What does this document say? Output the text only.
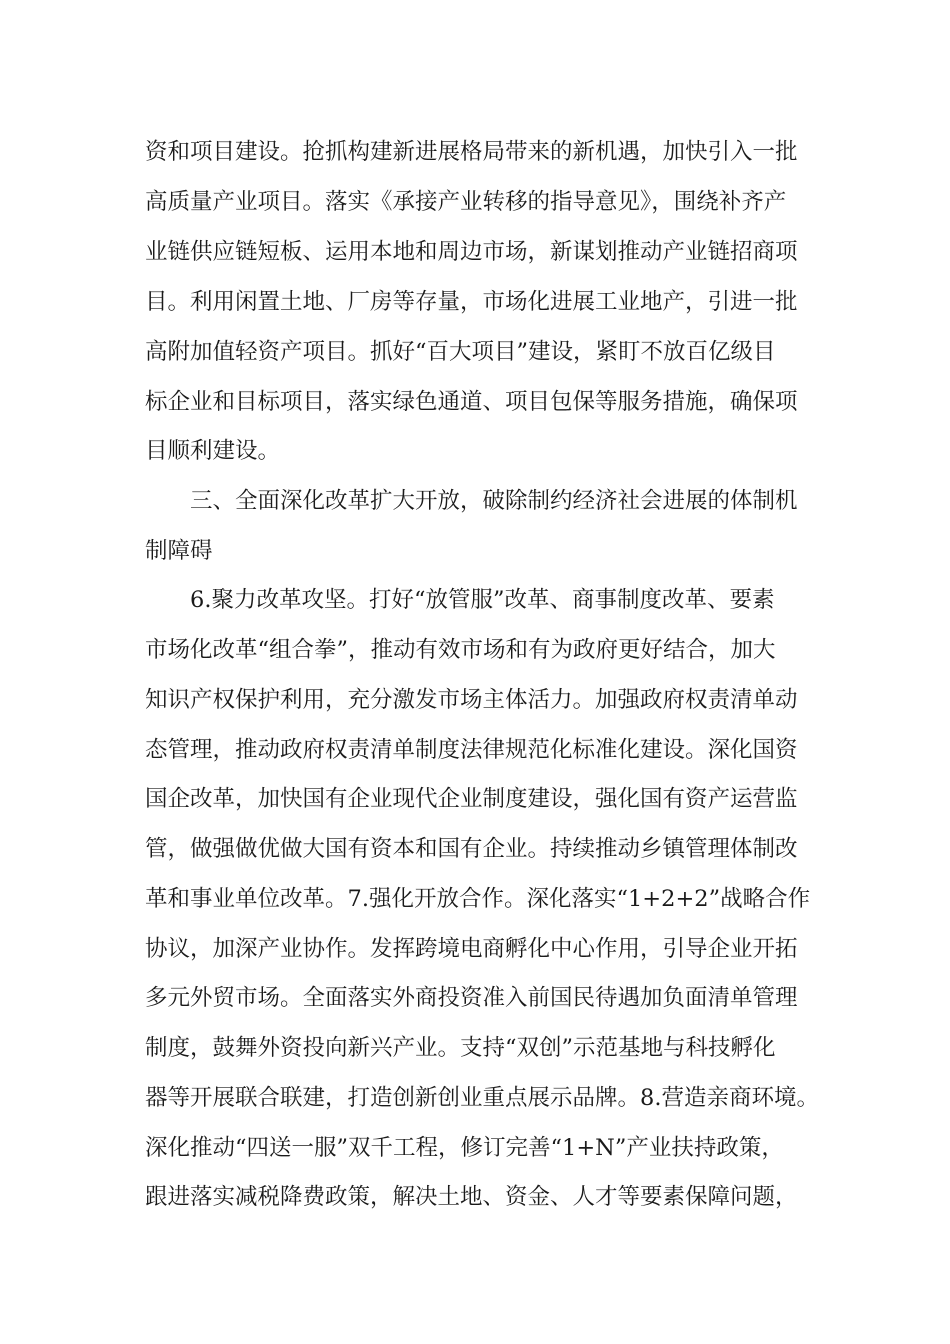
资和项目建设。抢抓构建新进展格局带来的新机遇，加快引入一批

高质量产业项目。落实《承接产业转移的指导意见》，围绕补齐产

业链供应链短板、运用本地和周边市场，新谋划推动产业链招商项

目。利用闲置土地、厂房等存量，市场化进展工业地产，引进一批

高附加值轻资产项目。抓好“百大项目”建设，紧盯不放百亿级目

标企业和目标项目，落实绿色通道、项目包保等服务措施，确保项

目顺利建设。

三、全面深化改革扩大开放，破除制约经济社会进展的体制机

制障碍

6.聚力改革攻坚。打好“放管服”改革、商事制度改革、要素

市场化改革“组合拳”，推动有效市场和有为政府更好结合，加大

知识产权保护利用，充分激发市场主体活力。加强政府权责清单动

态管理，推动政府权责清单制度法律规范化标准化建设。深化国资

国企改革，加快国有企业现代企业制度建设，强化国有资产运营监

管，做强做优做大国有资本和国有企业。持续推动乡镇管理体制改

革和事业单位改革。7.强化开放合作。深化落实“1+2+2”战略合作

协议，加深产业协作。发挥跨境电商孵化中心作用，引导企业开拓

多元外贸市场。全面落实外商投资准入前国民待遇加负面清单管理

制度，鼓舞外资投向新兴产业。支持“双创”示范基地与科技孵化

器等开展联合联建，打造创新创业重点展示品牌。8.营造亲商环境。

深化推动“四送一服”双千工程，修订完善“1+N”产业扶持政策，

跟进落实减税降费政策，解决土地、资金、人才等要素保障问题，
